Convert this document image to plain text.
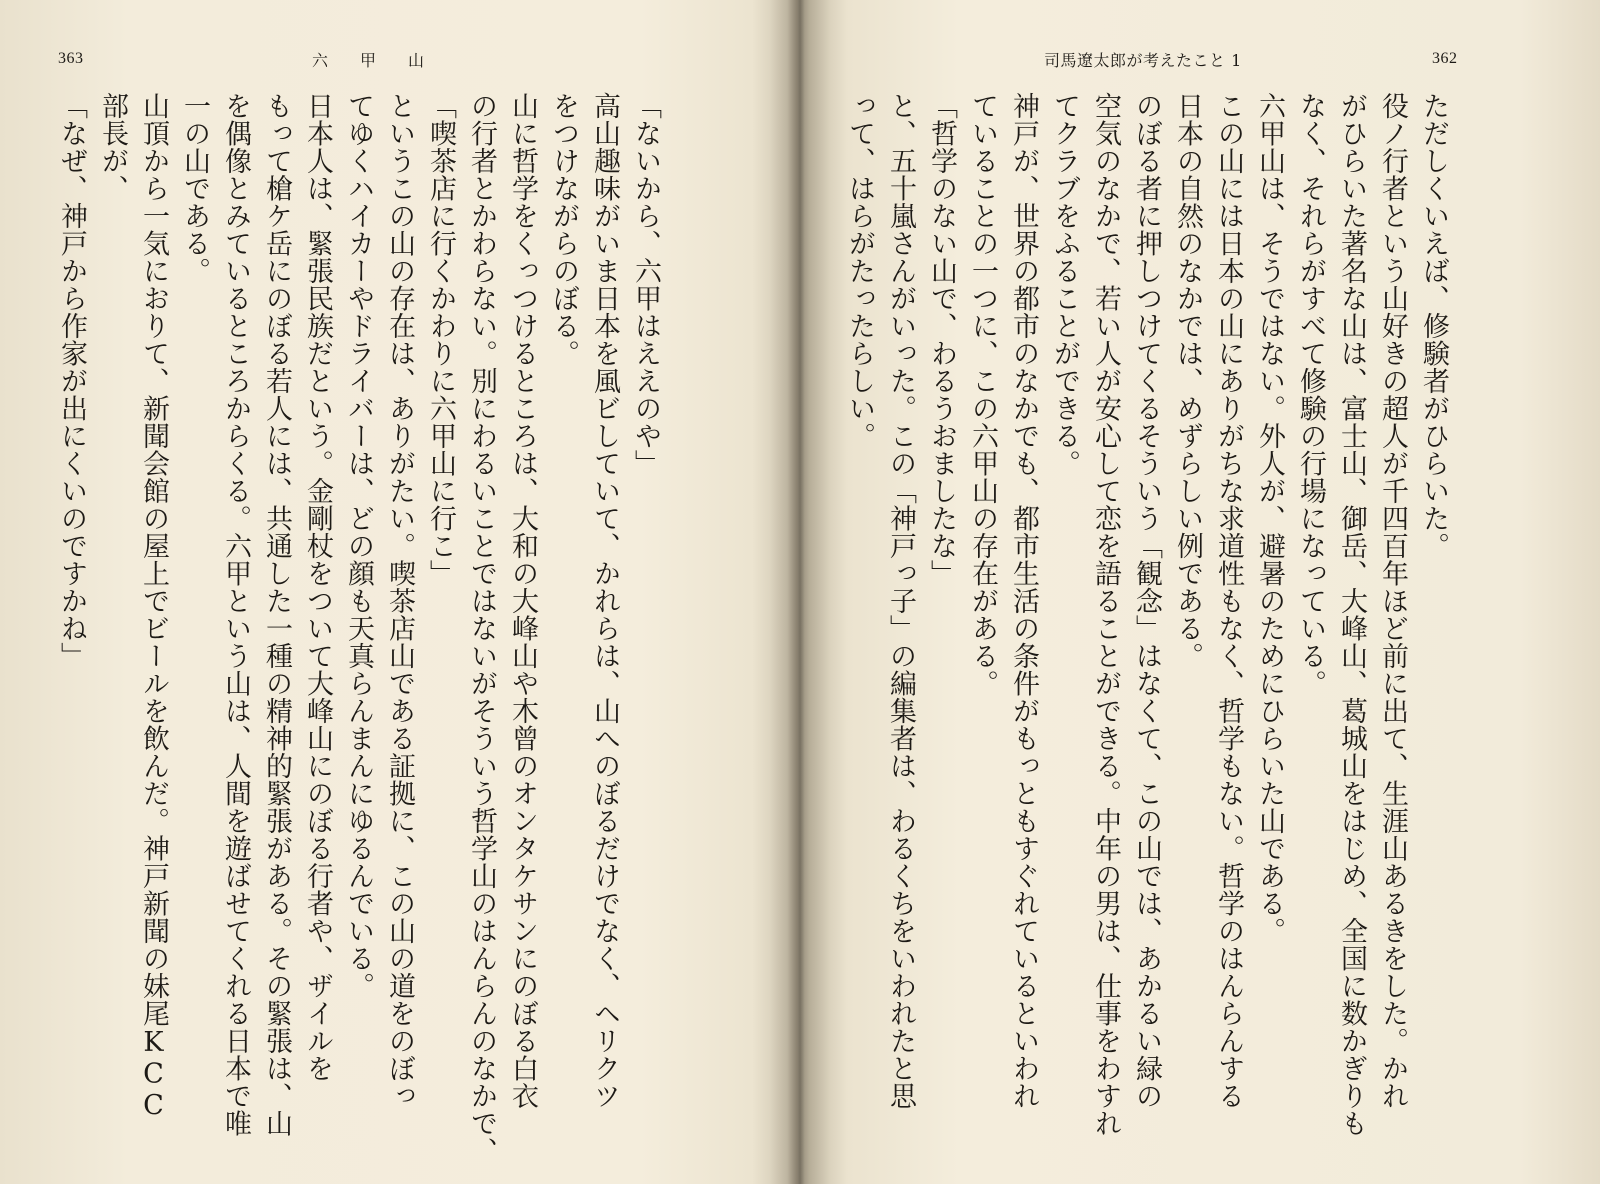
363	六甲山

「ないから、六甲はええのや」

高山趣味がいま日本を風ビしていて、かれらは、山へのぼるだけでなく、ヘリクツ

をつけながらのぼる。

山に哲学をくっつけるところは、大和の大峰山や木曾のオンタケサンにのぼる白衣

の行者とかわらない。別にわるいことではないがそういう哲学山のはんらんのなかで、

「喫茶店に行くかわりに六甲山に行こ」

というこの山の存在は、ありがたい。喫茶店山である証拠に、この山の道をのぼっ

てゆくハイカーやドライバーは、どの顔も天真らんまんにゆるんでいる。

日本人は、緊張民族だという。金剛杖をついて大峰山にのぼる行者や、ザイルを

もって槍ケ岳にのぼる若人には、共通した一種の精神的緊張がある。その緊張は、山

を偶像とみているところからくる。六甲という山は、人間を遊ばせてくれる日本で唯

一の山である。

山頂から一気におりて、新聞会館の屋上でビールを飲んだ。神戸新聞の妹尾KCC

部長が、

「なぜ、神戸から作家が出にくいのですかね」

司馬遼太郎が考えたこと 1	362

ただしくいえば、修験者がひらいた。

役ノ行者という山好きの超人が千四百年ほど前に出て、生涯山あるきをした。かれ

がひらいた著名な山は、富士山、御岳、大峰山、葛城山をはじめ、全国に数かぎりも

なく、それらがすべて修験の行場になっている。

六甲山は、そうではない。外人が、避暑のためにひらいた山である。

この山には日本の山にありがちな求道性もなく、哲学もない。哲学のはんらんする

日本の自然のなかでは、めずらしい例である。

のぼる者に押しつけてくるそういう「観念」はなくて、この山では、あかるい緑の

空気のなかで、若い人が安心して恋を語ることができる。中年の男は、仕事をわすれ

てクラブをふることができる。

神戸が、世界の都市のなかでも、都市生活の条件がもっともすぐれているといわれ

ていることの一つに、この六甲山の存在がある。

「哲学のない山で、わるうおましたな」

と、五十嵐さんがいった。この「神戸っ子」の編集者は、わるくちをいわれたと思

って、はらがたったらしい。
